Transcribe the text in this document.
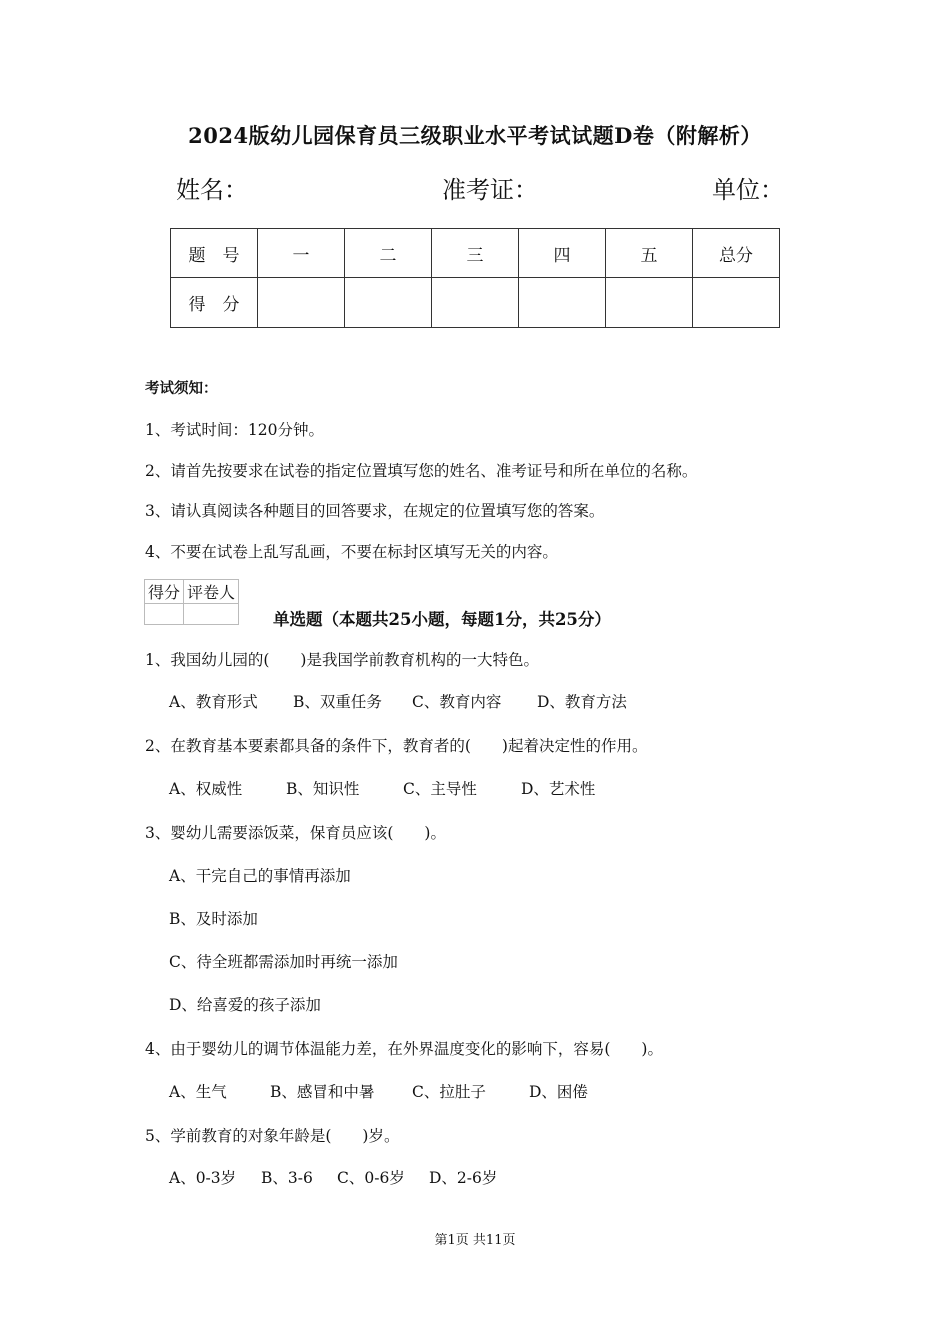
2024版幼儿园保育员三级职业水平考试试题D卷（附解析）
姓名：	准考证：	单位：
题　号	一	二	三	四	五	总分
得　分						
考试须知：
1、考试时间：120分钟。
2、请首先按要求在试卷的指定位置填写您的姓名、准考证号和所在单位的名称。
3、请认真阅读各种题目的回答要求，在规定的位置填写您的答案。
4、不要在试卷上乱写乱画，不要在标封区填写无关的内容。
得分	评卷人

单选题（本题共25小题，每题1分，共25分）
1、我国幼儿园的(　　)是我国学前教育机构的一大特色。
A、教育形式 B、双重任务 C、教育内容 D、教育方法
2、在教育基本要素都具备的条件下，教育者的(　　)起着决定性的作用。
A、权威性	B、知识性	C、主导性	D、艺术性
3、婴幼儿需要添饭菜，保育员应该(　　)。
A、干完自己的事情再添加
B、及时添加
C、待全班都需添加时再统一添加
D、给喜爱的孩子添加
4、由于婴幼儿的调节体温能力差，在外界温度变化的影响下，容易(　　)。
A、生气	B、感冒和中暑 C、拉肚子	D、困倦
5、学前教育的对象年龄是(　　)岁。
A、0-3岁 B、3-6 C、0-6岁 D、2-6岁
第1页 共11页
